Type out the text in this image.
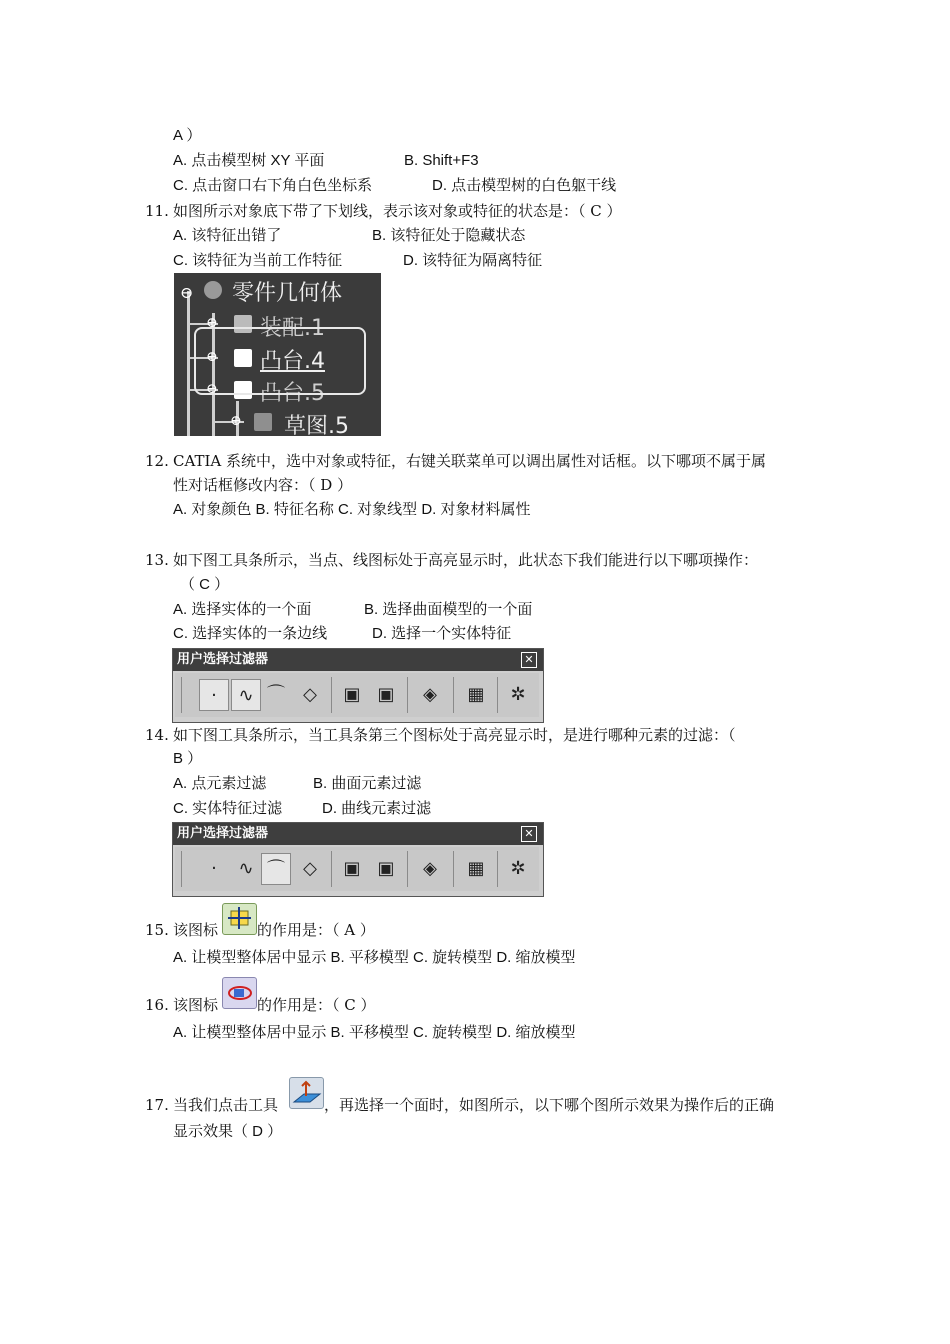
A ）
A. 点击模型树 XY 平面	B. Shift+F3
C. 点击窗口右下角白色坐标系	D. 点击模型树的白色躯干线
11. 如图所示对象底下带了下划线，表示该对象或特征的状态是：（ C ）
A. 该特征出错了	B. 该特征处于隐藏状态
C. 该特征为当前工作特征	D. 该特征为隔离特征
⊖ 零件几何体
⊕ 装配.1
⊕ 凸台.4
⊖ 凸台.5
⊕ 草图.5
12. CATIA 系统中，选中对象或特征，右键关联菜单可以调出属性对话框。以下哪项不属于属
性对话框修改内容：（ D ）
A. 对象颜色 B. 特征名称 C. 对象线型 D. 对象材料属性
13. 如下图工具条所示，当点、线图标处于高亮显示时，此状态下我们能进行以下哪项操作：
（ C ）
A. 选择实体的一个面	B. 选择曲面模型的一个面
C. 选择实体的一条边线	D. 选择一个实体特征
用户选择过滤器	✕
·	∿ ⌒	◇	▣ ▣	◈	▦	✲
14. 如下图工具条所示，当工具条第三个图标处于高亮显示时，是进行哪种元素的过滤：（
B ）
A. 点元素过滤	B. 曲面元素过滤
C. 实体特征过滤	D. 曲线元素过滤
用户选择过滤器	✕
·	∿ ⌒	◇	▣ ▣	◈	▦	✲
15. 该图标	的作用是：（ A ）
A. 让模型整体居中显示 B. 平移模型 C. 旋转模型 D. 缩放模型
16. 该图标	的作用是：（ C ）
A. 让模型整体居中显示 B. 平移模型 C. 旋转模型 D. 缩放模型
17. 当我们点击工具	，再选择一个面时，如图所示，以下哪个图所示效果为操作后的正确
显示效果（ D ）
